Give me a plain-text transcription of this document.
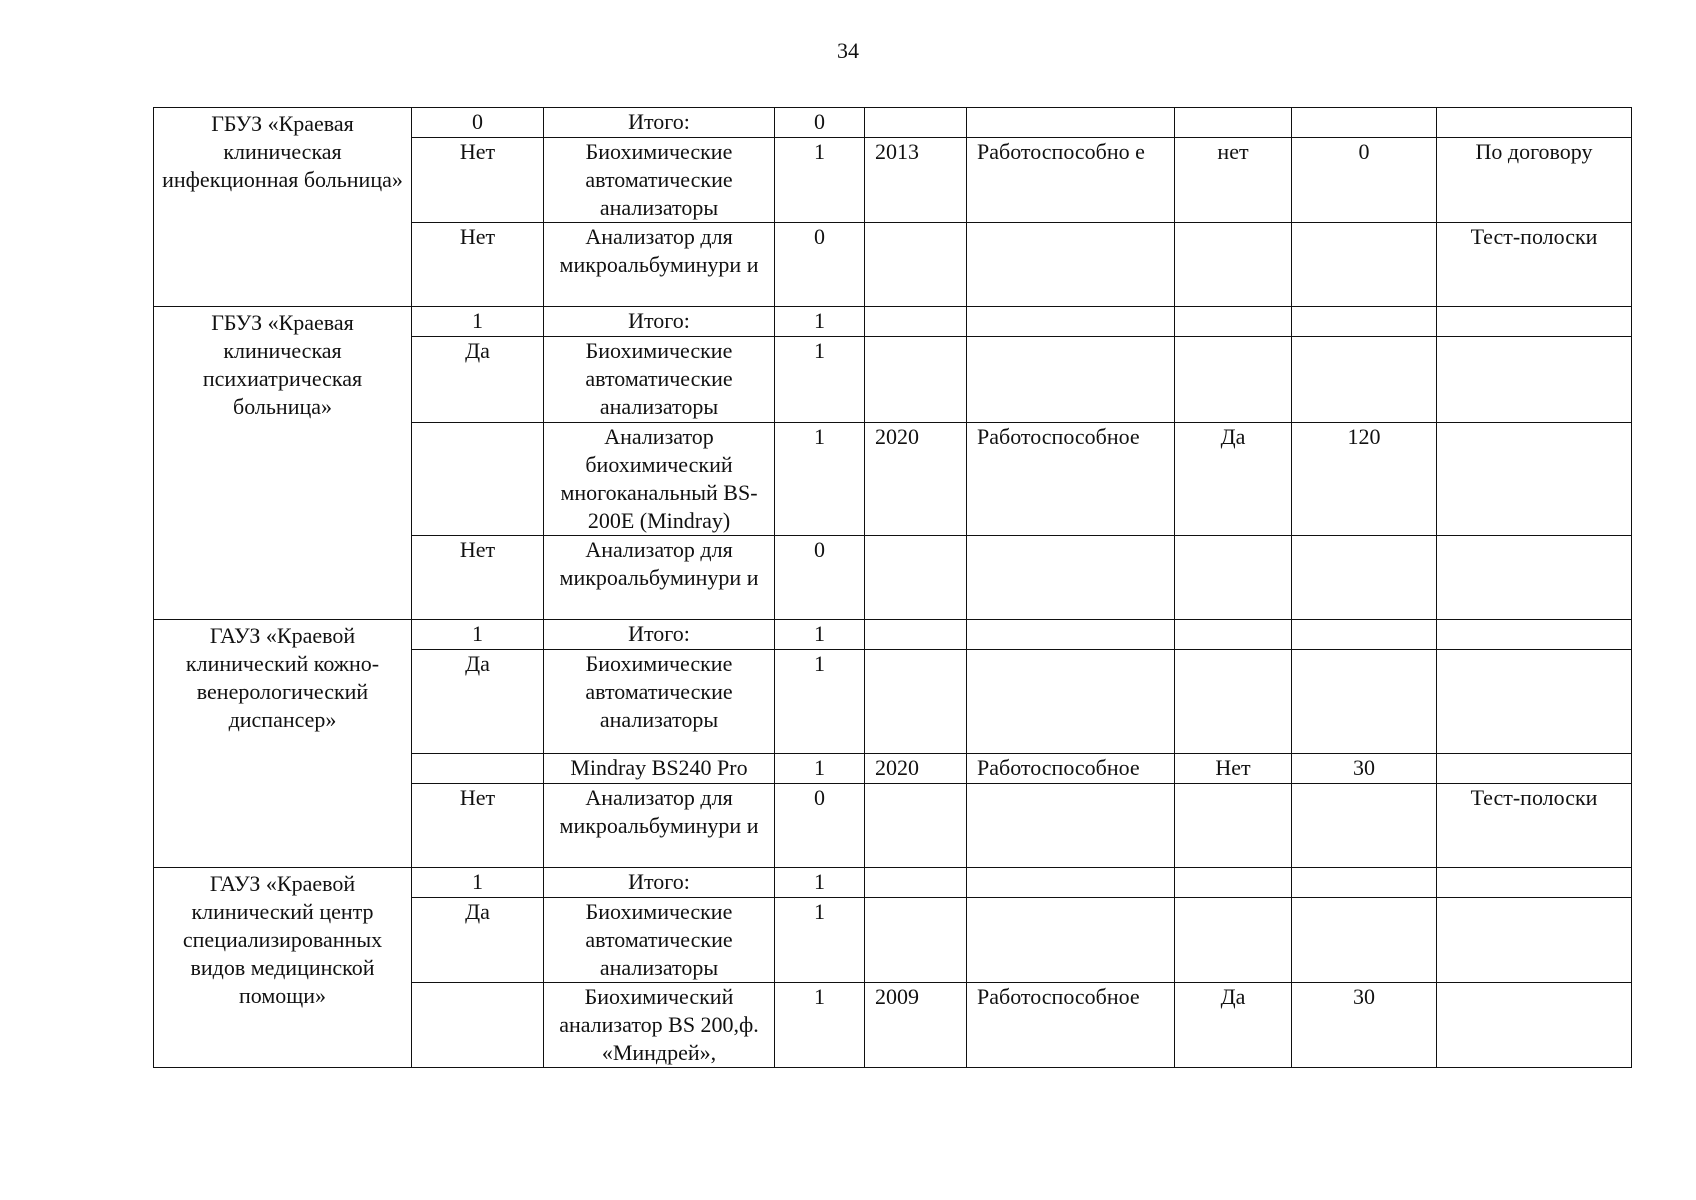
34
ГБУЗ «Краевая клиническая инфекционная больница»	0	Итого:	0					
	Нет	Биохимические автоматические анализаторы	1	2013	Работоспособно е	нет	0	По договору
	Нет	Анализатор для микроальбуминури и	0					Тест-полоски
ГБУЗ «Краевая клиническая психиатрическая больница»	1	Итого:	1					
	Да	Биохимические автоматические анализаторы	1					
		Анализатор биохимический многоканальный BS-200E (Mindray)	1	2020	Работоспособное	Да	120	
	Нет	Анализатор для микроальбуминури и	0					
ГАУЗ «Краевой клинический кожно-венерологический диспансер»	1	Итого:	1					
	Да	Биохимические автоматические анализаторы	1					
		Mindray BS240 Pro	1	2020	Работоспособное	Нет	30	
	Нет	Анализатор для микроальбуминури и	0					Тест-полоски
ГАУЗ «Краевой клинический центр специализированных видов медицинской помощи»	1	Итого:	1					
	Да	Биохимические автоматические анализаторы	1					
		Биохимический анализатор BS 200,ф. «Миндрей»,	1	2009	Работоспособное	Да	30	
